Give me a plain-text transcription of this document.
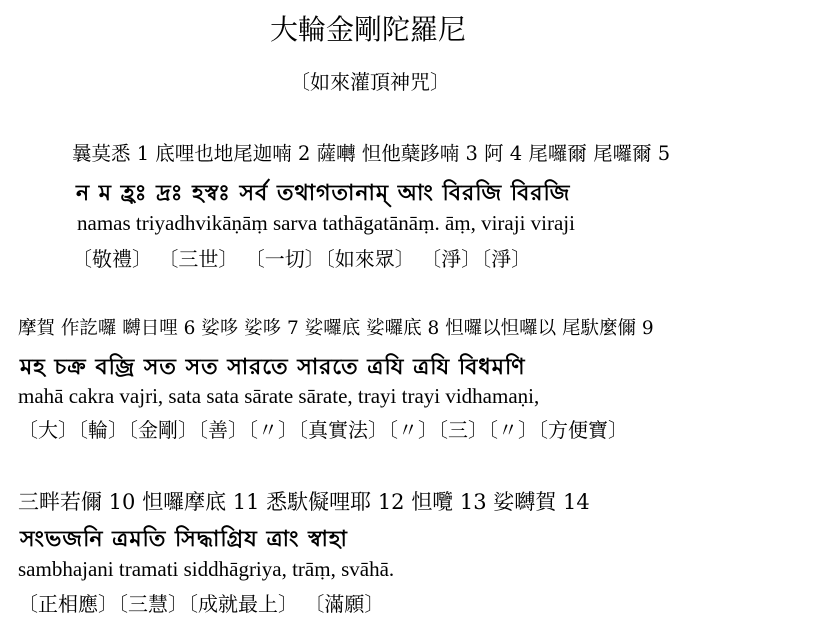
大輪金剛陀羅尼
〔如來灌頂神咒〕
曩莫悉 1 底哩也地尾迦喃 2 薩囀 怛他蘖跢喃 3 阿 4 尾囉爾 尾囉爾 5
ন ম হ্রঃ দ্রঃ হস্বঃ সর্ব তথাগতানাম্ আং বিরজি বিরজি
namas triyadhvikāṇāṃ sarva tathāgatānāṃ. āṃ, viraji viraji
〔敬禮〕 〔三世〕 〔一切〕〔如來眾〕 〔淨〕〔淨〕
摩賀 作訖囉 嚩日哩 6 娑哆 娑哆 7 娑囉底 娑囉底 8 怛囉以怛囉以 尾馱麼儞 9
মহ চক্র বজ্রি সত সত সারতে সারতে ত্রযি ত্রযি বিধমণি
mahā cakra vajri, sata sata sārate sārate, trayi trayi vidhamaṇi,
〔大〕〔輪〕〔金剛〕〔善〕〔〃〕〔真實法〕〔〃〕〔三〕〔〃〕〔方便寶〕
三畔若儞 10 怛囉摩底 11 悉馱儗哩耶 12 怛囕 13 娑嚩賀 14
সংভজনি ত্রমতি সিদ্ধাগ্রিয ত্রাং স্বাহা
sambhajani tramati siddhāgriya, trāṃ, svāhā.
〔正相應〕〔三慧〕〔成就最上〕 〔滿願〕
